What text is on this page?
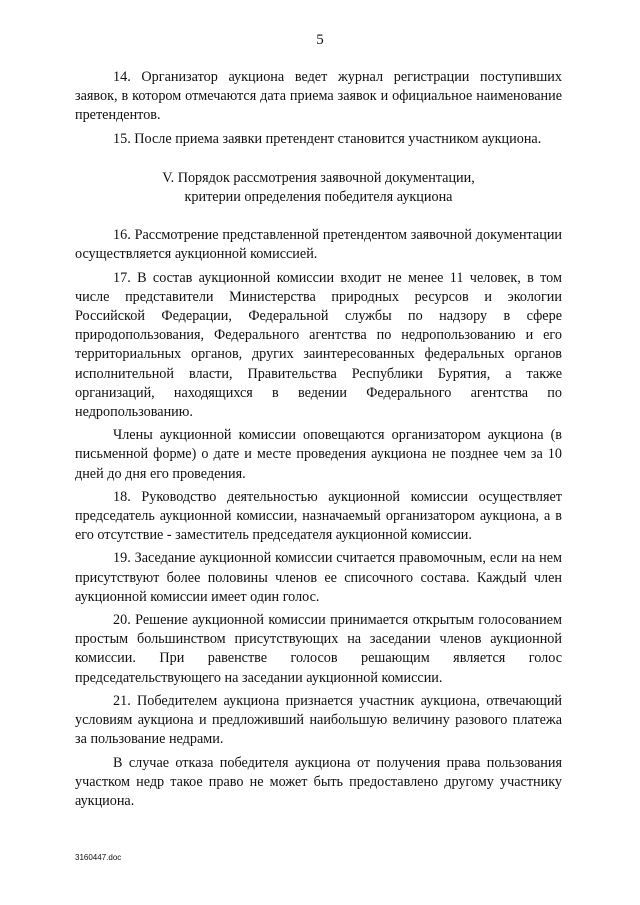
5

14. Организатор аукциона ведет журнал регистрации поступивших заявок, в котором отмечаются дата приема заявок и официальное наименование претендентов.

15. После приема заявки претендент становится участником аукциона.

V. Порядок рассмотрения заявочной документации,
критерии определения победителя аукциона

16. Рассмотрение представленной претендентом заявочной документации осуществляется аукционной комиссией.

17. В состав аукционной комиссии входит не менее 11 человек, в том числе представители Министерства природных ресурсов и экологии Российской Федерации, Федеральной службы по надзору в сфере природопользования, Федерального агентства по недропользованию и его территориальных органов, других заинтересованных федеральных органов исполнительной власти, Правительства Республики Бурятия, а также организаций, находящихся в ведении Федерального агентства по недропользованию.

Члены аукционной комиссии оповещаются организатором аукциона (в письменной форме) о дате и месте проведения аукциона не позднее чем за 10 дней до дня его проведения.

18. Руководство деятельностью аукционной комиссии осуществляет председатель аукционной комиссии, назначаемый организатором аукциона, а в его отсутствие - заместитель председателя аукционной комиссии.

19. Заседание аукционной комиссии считается правомочным, если на нем присутствуют более половины членов ее списочного состава. Каждый член аукционной комиссии имеет один голос.

20. Решение аукционной комиссии принимается открытым голосованием простым большинством присутствующих на заседании членов аукционной комиссии. При равенстве голосов решающим является голос председательствующего на заседании аукционной комиссии.

21. Победителем аукциона признается участник аукциона, отвечающий условиям аукциона и предложивший наибольшую величину разового платежа за пользование недрами.

В случае отказа победителя аукциона от получения права пользования участком недр такое право не может быть предоставлено другому участнику аукциона.

3160447.doc
